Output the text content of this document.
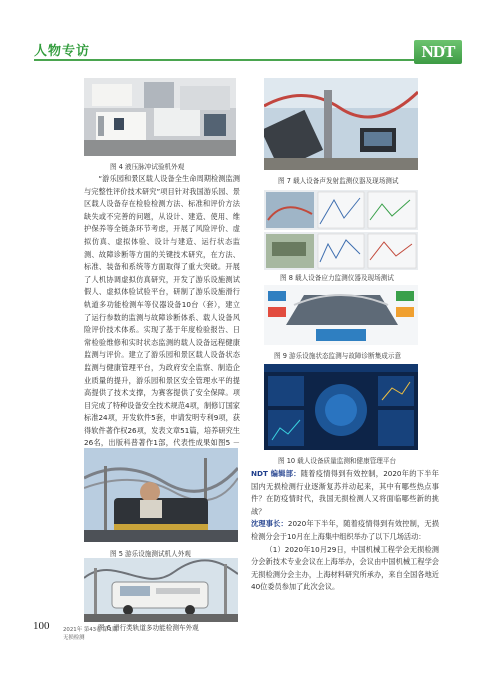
人物专访	NDT
图 4 液压脉冲试验机外观

“游乐园和景区载人设备全生命周期检测监测与完整性评价技术研究”项目针对我国游乐园、景区载人设备存在检验检测方法、标准和评价方法缺失或不完善的问题，从设计、建造、使用、维护保养等全链条环节考虑，开展了风险评价、虚拟仿真、虚拟体验、设计与建造、运行状态监测、故障诊断等方面的关键技术研究，在方法、标准、装备和系统等方面取得了重大突破。开展了人机协调虚拟仿真研究，开发了游乐设施测试假人、虚拟体验试验平台，研制了游乐设施滑行轨道多功能检测车等仪器设备10台（套），建立了运行参数的监测与故障诊断体系、载人设备风险评价技术体系。实现了基于年度检验报告、日常检验维修和实时状态监测的载人设备远程健康监测与评价。建立了游乐园和景区载人设备状态监测与健康管理平台，为政府安全监察、制造企业质量的提升，游乐园和景区安全管理水平的提高提供了技术支撑，为赛客提供了安全保障。项目完成了特种设备安全技术规范4项，制修订国家标准24项，开发软件5套，申请发明专利9项，获得软件著作权26项，发表文章51篇，培养研究生26名，出版科普著作1部，代表性成果如图5 －

图 5 游乐设施测试机人外观
图 6 滑行类轨道多功能检测车外观
图 7 载人设备声发射监测仪器及现场测试
图 8 载人设备应力监测仪器及现场测试
图 9 游乐设施状态监测与故障诊断集成示意
图 10 载人设备质量监测和健康管理平台

NDT 编辑部：随着疫情得到有效控制，2020年的下半年国内无损检测行业逐渐复苏并动起来，其中有哪些热点事件？在防疫情时代，我国无损检测人又将面临哪些新的挑战？

沈理事长：2020年下半年，随着疫情得到有效控制，无损检测分会于10月在上海集中组织举办了以下几场活动：

（1）2020年10月29日，中国机械工程学会无损检测分会新技术专业会议在上海举办，会议由中国机械工程学会无损检测分会主办，上海材料研究所承办，来自全国各地近40位委员参加了此次会议。

100	2021年 第43卷 第1期
无损检测
